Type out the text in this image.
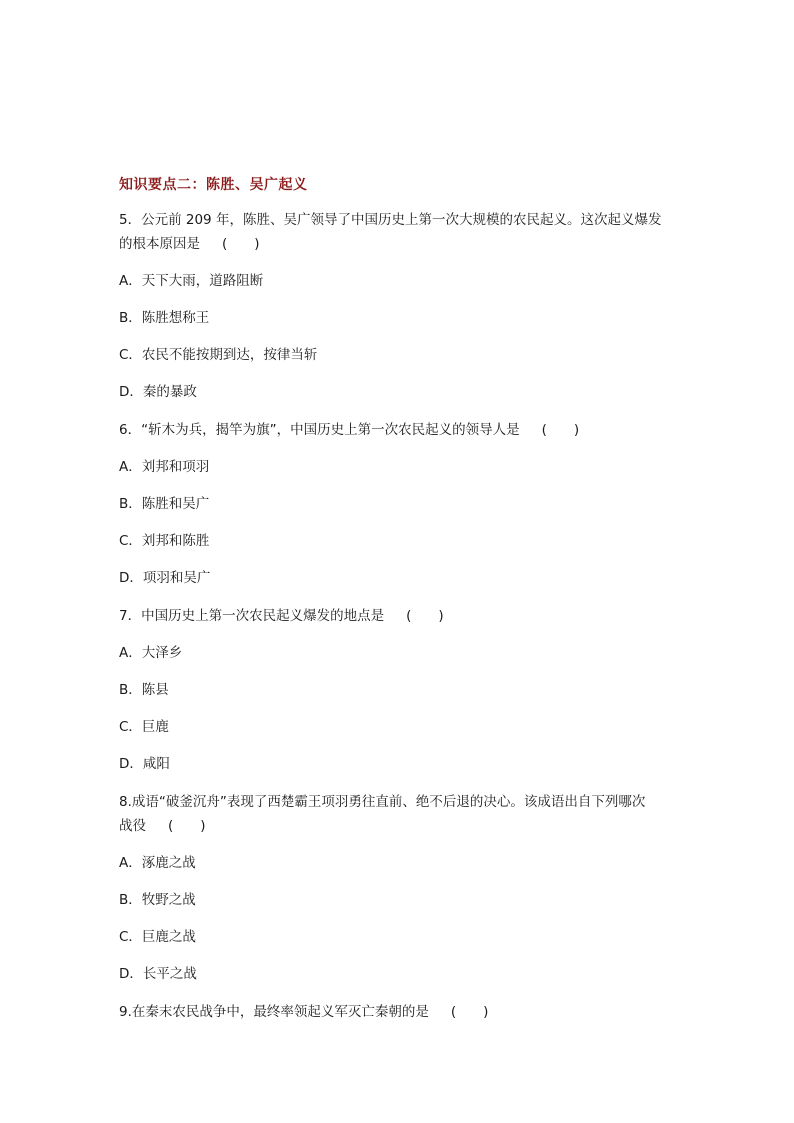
知识要点二：陈胜、吴广起义
5．公元前 209 年，陈胜、吴广领导了中国历史上第一次大规模的农民起义。这次起义爆发
的根本原因是 (　　)
A．天下大雨，道路阻断
B．陈胜想称王
C．农民不能按期到达，按律当斩
D．秦的暴政
6．“斩木为兵，揭竿为旗”，中国历史上第一次农民起义的领导人是 (　　)
A．刘邦和项羽
B．陈胜和吴广
C．刘邦和陈胜
D．项羽和吴广
7．中国历史上第一次农民起义爆发的地点是 (　　)
A．大泽乡
B．陈县
C．巨鹿
D．咸阳
8.成语“破釜沉舟”表现了西楚霸王项羽勇往直前、绝不后退的决心。该成语出自下列哪次
战役 (　　)
A．涿鹿之战
B．牧野之战
C．巨鹿之战
D．长平之战
9.在秦末农民战争中，最终率领起义军灭亡秦朝的是 (　　)
